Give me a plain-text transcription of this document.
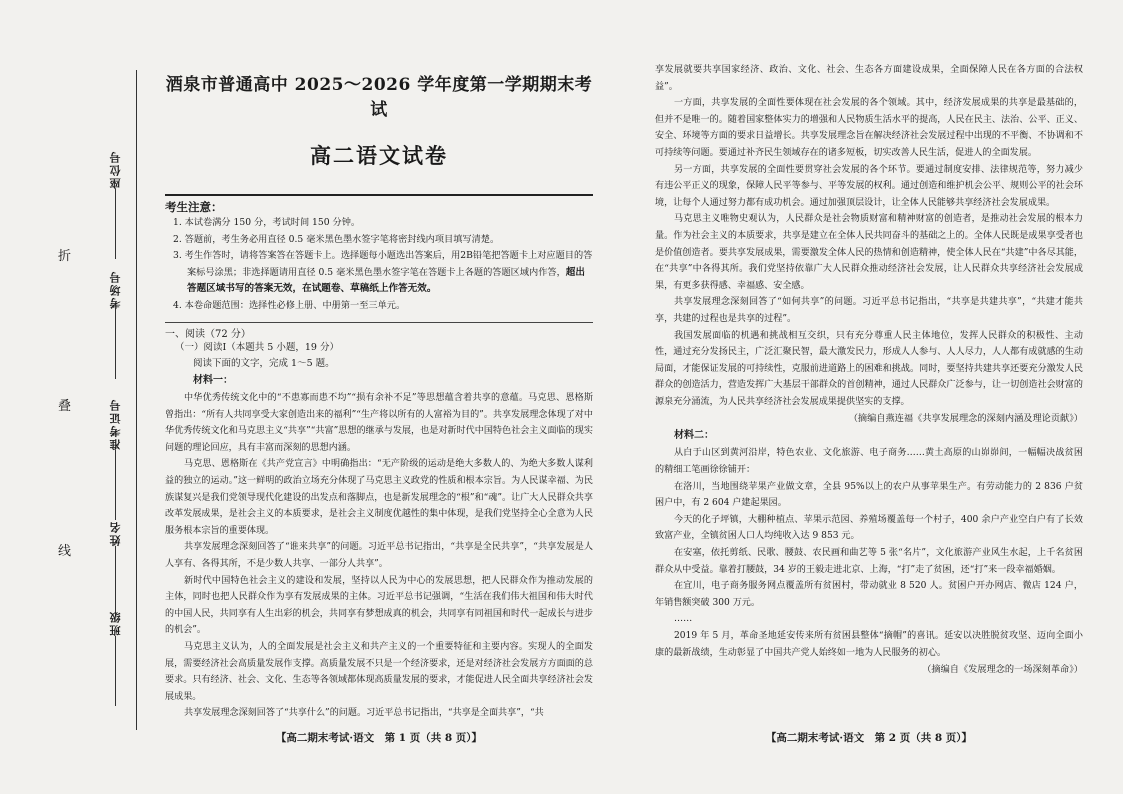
折
叠
线
座位号
考场号
准考证号
姓名
班级
酒泉市普通高中 2025～2026 学年度第一学期期末考试
高二语文试卷
考生注意：
1. 本试卷满分 150 分，考试时间 150 分钟。
2. 答题前，考生务必用直径 0.5 毫米黑色墨水签字笔将密封线内项目填写清楚。
3. 考生作答时，请将答案答在答题卡上。选择题每小题选出答案后，用2B铅笔把答题卡上对应题目的答案标号涂黑；非选择题请用直径 0.5 毫米黑色墨水签字笔在答题卡上各题的答题区域内作答，超出答题区域书写的答案无效，在试题卷、草稿纸上作答无效。
4. 本卷命题范围：选择性必修上册、中册第一至三单元。
一、阅读（72 分）
（一）阅读Ⅰ（本题共 5 小题，19 分）
阅读下面的文字，完成 1～5 题。
材料一：

中华优秀传统文化中的“不患寡而患不均”“损有余补不足”等思想蕴含着共享的意蕴。马克思、恩格斯曾指出：“所有人共同享受大家创造出来的福利”“生产将以所有的人富裕为目的”。共享发展理念体现了对中华优秀传统文化和马克思主义“共享”“共富”思想的继承与发展，也是对新时代中国特色社会主义面临的现实问题的理论回应，具有丰富而深刻的思想内涵。

马克思、恩格斯在《共产党宣言》中明确指出：“无产阶级的运动是绝大多数人的、为绝大多数人谋利益的独立的运动。”这一鲜明的政治立场充分体现了马克思主义政党的性质和根本宗旨。为人民谋幸福、为民族谋复兴是我们党领导现代化建设的出发点和落脚点，也是新发展理念的“根”和“魂”。让广大人民群众共享改革发展成果，是社会主义的本质要求，是社会主义制度优越性的集中体现，是我们党坚持全心全意为人民服务根本宗旨的重要体现。

共享发展理念深刻回答了“谁来共享”的问题。习近平总书记指出，“共享是全民共享”，“共享发展是人人享有、各得其所，不是少数人共享、一部分人共享”。

新时代中国特色社会主义的建设和发展，坚持以人民为中心的发展思想，把人民群众作为推动发展的主体，同时也把人民群众作为享有发展成果的主体。习近平总书记强调，“生活在我们伟大祖国和伟大时代的中国人民，共同享有人生出彩的机会，共同享有梦想成真的机会，共同享有同祖国和时代一起成长与进步的机会”。

马克思主义认为，人的全面发展是社会主义和共产主义的一个重要特征和主要内容。实现人的全面发展，需要经济社会高质量发展作支撑。高质量发展不只是一个经济要求，还是对经济社会发展方方面面的总要求。只有经济、社会、文化、生态等各领域都体现高质量发展的要求，才能促进人民全面共享经济社会发展成果。

共享发展理念深刻回答了“共享什么”的问题。习近平总书记指出，“共享是全面共享”，“共

【高二期末考试·语文　第 1 页（共 8 页）】

享发展就要共享国家经济、政治、文化、社会、生态各方面建设成果，全面保障人民在各方面的合法权益”。

一方面，共享发展的全面性要体现在社会发展的各个领域。其中，经济发展成果的共享是最基础的，但并不是唯一的。随着国家整体实力的增强和人民物质生活水平的提高，人民在民主、法治、公平、正义、安全、环境等方面的要求日益增长。共享发展理念旨在解决经济社会发展过程中出现的不平衡、不协调和不可持续等问题。要通过补齐民生领域存在的诸多短板，切实改善人民生活，促进人的全面发展。

另一方面，共享发展的全面性要贯穿社会发展的各个环节。要通过制度安排、法律规范等，努力减少有违公平正义的现象，保障人民平等参与、平等发展的权利。通过创造和维护机会公平、规则公平的社会环境，让每个人通过努力都有成功机会。通过加强顶层设计，让全体人民能够共享经济社会发展成果。

马克思主义唯物史观认为，人民群众是社会物质财富和精神财富的创造者，是推动社会发展的根本力量。作为社会主义的本质要求，共享是建立在全体人民共同奋斗的基础之上的。全体人民既是成果享受者也是价值创造者。要共享发展成果，需要激发全体人民的热情和创造精神，使全体人民在“共建”中各尽其能，在“共享”中各得其所。我们党坚持依靠广大人民群众推动经济社会发展，让人民群众共享经济社会发展成果，有更多获得感、幸福感、安全感。

共享发展理念深刻回答了“如何共享”的问题。习近平总书记指出，“共享是共建共享”，“共建才能共享，共建的过程也是共享的过程”。

我国发展面临的机遇和挑战相互交织，只有充分尊重人民主体地位，发挥人民群众的积极性、主动性，通过充分发扬民主，广泛汇聚民智，最大激发民力，形成人人参与、人人尽力，人人都有成就感的生动局面，才能保证发展的可持续性，克服前进道路上的困难和挑战。同时，要坚持共建共享还要充分激发人民群众的创造活力，营造发挥广大基层干部群众的首创精神，通过人民群众广泛参与，让一切创造社会财富的源泉充分涌流，为人民共享经济社会发展成果提供坚实的支撑。

（摘编自燕连福《共享发展理念的深刻内涵及理论贡献》）
材料二：

从白于山区到黄河沿岸，特色农业、文化旅游、电子商务……黄土高原的山峁峁间，一幅幅决战贫困的精细工笔画徐徐铺开：

在洛川，当地围绕苹果产业做文章，全县 95%以上的农户从事苹果生产。有劳动能力的 2 836 户贫困户中，有 2 604 户建起果园。

今天的化子坪镇，大棚种植点、苹果示范园、养殖场覆盖每一个村子，400 余户产业空白户有了长效致富产业，全镇贫困人口人均纯收入达 9 853 元。

在安塞，依托剪纸、民歌、腰鼓、农民画和曲艺等 5 张“名片”，文化旅游产业风生水起，上千名贫困群众从中受益。靠着打腰鼓，34 岁的王毅走进北京、上海，“打”走了贫困，还“打”来一段幸福婚姻。

在宜川，电子商务服务网点覆盖所有贫困村，带动就业 8 520 人。贫困户开办网店、微店 124 户，年销售额突破 300 万元。

……

2019 年 5 月，革命圣地延安传来所有贫困县整体“摘帽”的喜讯。延安以决胜脱贫攻坚、迈向全面小康的最新战绩，生动彰显了中国共产党人始终如一地为人民服务的初心。

（摘编自《发展理念的一场深刻革命》）
【高二期末考试·语文　第 2 页（共 8 页）】
